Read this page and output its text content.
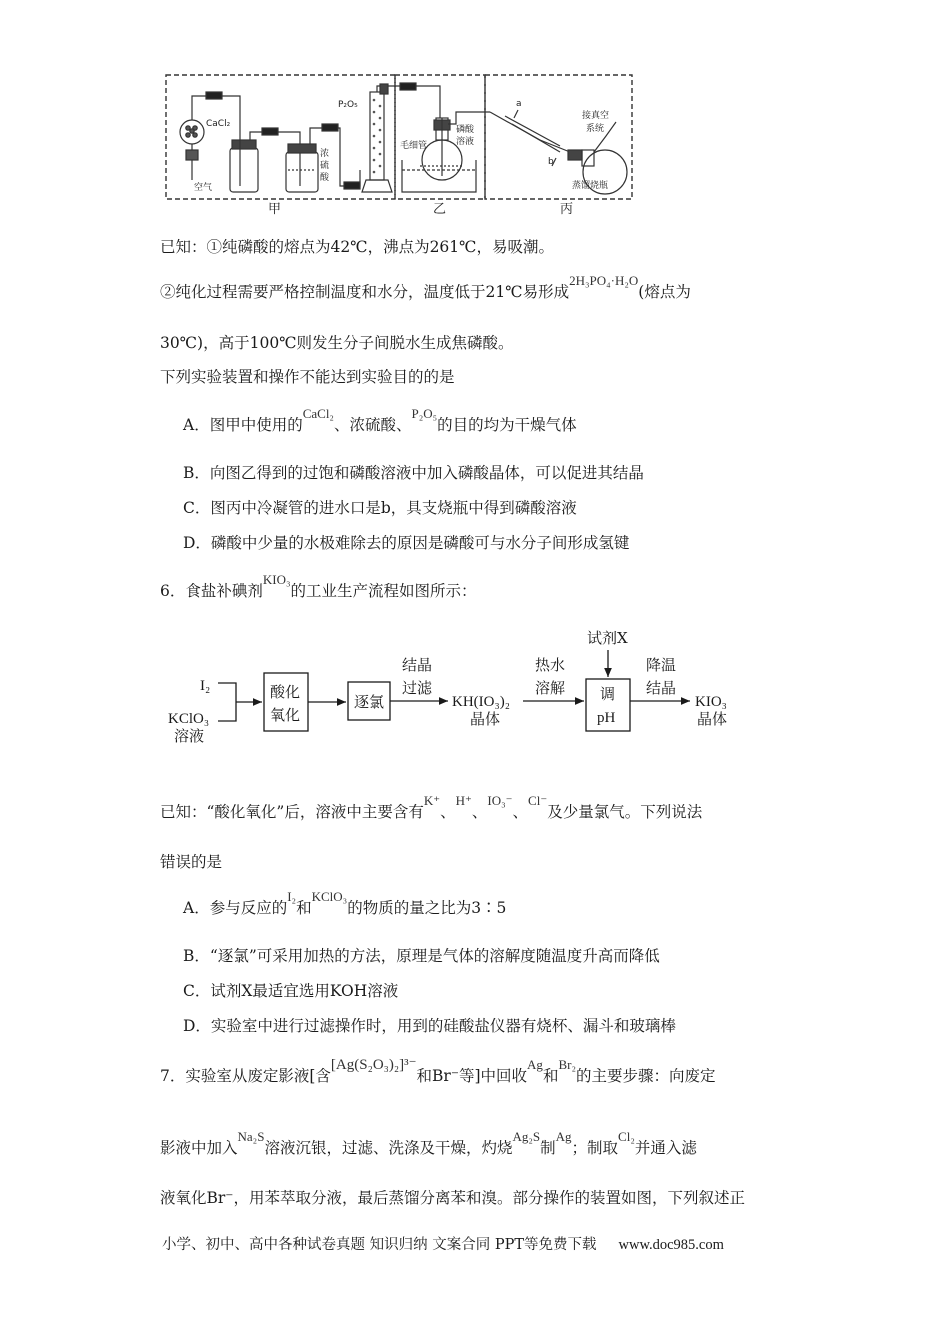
CaCl₂
空气
P₂O₅
浓
硫
酸
毛细管
磷酸
溶液
a
b
接真空
系统
蒸馏烧瓶
甲	乙	丙
已知：①纯磷酸的熔点为42℃，沸点为261℃，易吸潮。
②纯化过程需要严格控制温度和水分，温度低于21℃易形成$^{2H_3PO_4\cdot H_2O}$(熔点为
30℃)，高于100℃则发生分子间脱水生成焦磷酸。
下列实验装置和操作不能达到实验目的的是
A．图甲中使用的$^{CaCl_2}$、浓硫酸、$^{P_2O_5}$的目的均为干燥气体
B．向图乙得到的过饱和磷酸溶液中加入磷酸晶体，可以促进其结晶
C．图丙中冷凝管的进水口是b，具支烧瓶中得到磷酸溶液
D．磷酸中少量的水极难除去的原因是磷酸可与水分子间形成氢键
6．食盐补碘剂$^{KIO_3}$的工业生产流程如图所示：
I₂
KClO₃
溶液
酸化
氧化
逐氯
结晶
过滤
KH(IO₃)₂
晶体
热水
溶解
试剂X
调
pH
降温
结晶
KIO₃
晶体
已知：“酸化氧化”后，溶液中主要含有$^{K^+}$、$^{H^+}$、$^{IO_3^-}$、$^{Cl^-}$及少量氯气。下列说法
错误的是
A．参与反应的$^{I_2}$和$^{KClO_3}$的物质的量之比为3∶5
B．“逐氯”可采用加热的方法，原理是气体的溶解度随温度升高而降低
C．试剂X最适宜选用KOH溶液
D．实验室中进行过滤操作时，用到的硅酸盐仪器有烧杯、漏斗和玻璃棒
7．实验室从废定影液[含[Ag(S₂O₃)₂]³⁻和Br⁻等]中回收$^{Ag}$和$^{Br_2}$的主要步骤：向废定
影液中加入$^{Na_2S}$溶液沉银，过滤、洗涤及干燥，灼烧$^{Ag_2S}$制$^{Ag}$；制取$^{Cl_2}$并通入滤
液氧化Br⁻，用苯萃取分液，最后蒸馏分离苯和溴。部分操作的装置如图，下列叙述正
小学、初中、高中各种试卷真题 知识归纳 文案合同 PPT等免费下载 www.doc985.com
